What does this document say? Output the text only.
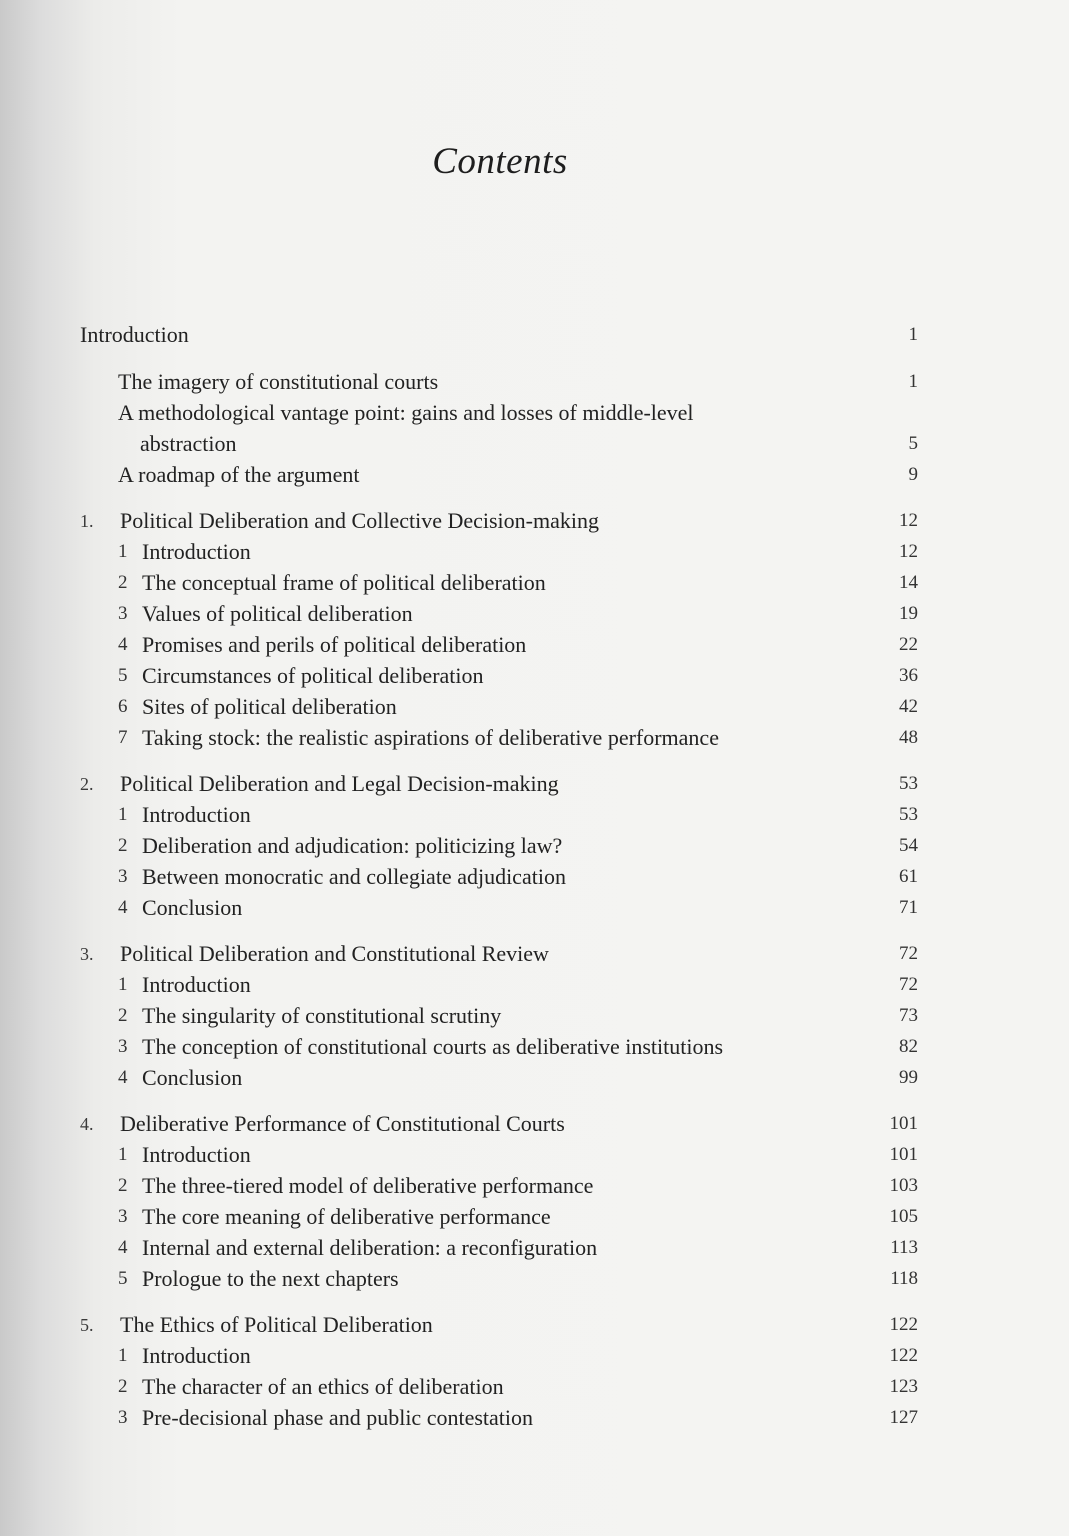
Contents
Introduction	1
The imagery of constitutional courts	1
A methodological vantage point: gains and losses of middle-level
abstraction	5
A roadmap of the argument	9
1. Political Deliberation and Collective Decision-making	12
1 Introduction	12
2 The conceptual frame of political deliberation	14
3 Values of political deliberation	19
4 Promises and perils of political deliberation	22
5 Circumstances of political deliberation	36
6 Sites of political deliberation	42
7 Taking stock: the realistic aspirations of deliberative performance	48
2. Political Deliberation and Legal Decision-making	53
1 Introduction	53
2 Deliberation and adjudication: politicizing law?	54
3 Between monocratic and collegiate adjudication	61
4 Conclusion	71
3. Political Deliberation and Constitutional Review	72
1 Introduction	72
2 The singularity of constitutional scrutiny	73
3 The conception of constitutional courts as deliberative institutions	82
4 Conclusion	99
4. Deliberative Performance of Constitutional Courts	101
1 Introduction	101
2 The three-tiered model of deliberative performance	103
3 The core meaning of deliberative performance	105
4 Internal and external deliberation: a reconfiguration	113
5 Prologue to the next chapters	118
5. The Ethics of Political Deliberation	122
1 Introduction	122
2 The character of an ethics of deliberation	123
3 Pre-decisional phase and public contestation	127
